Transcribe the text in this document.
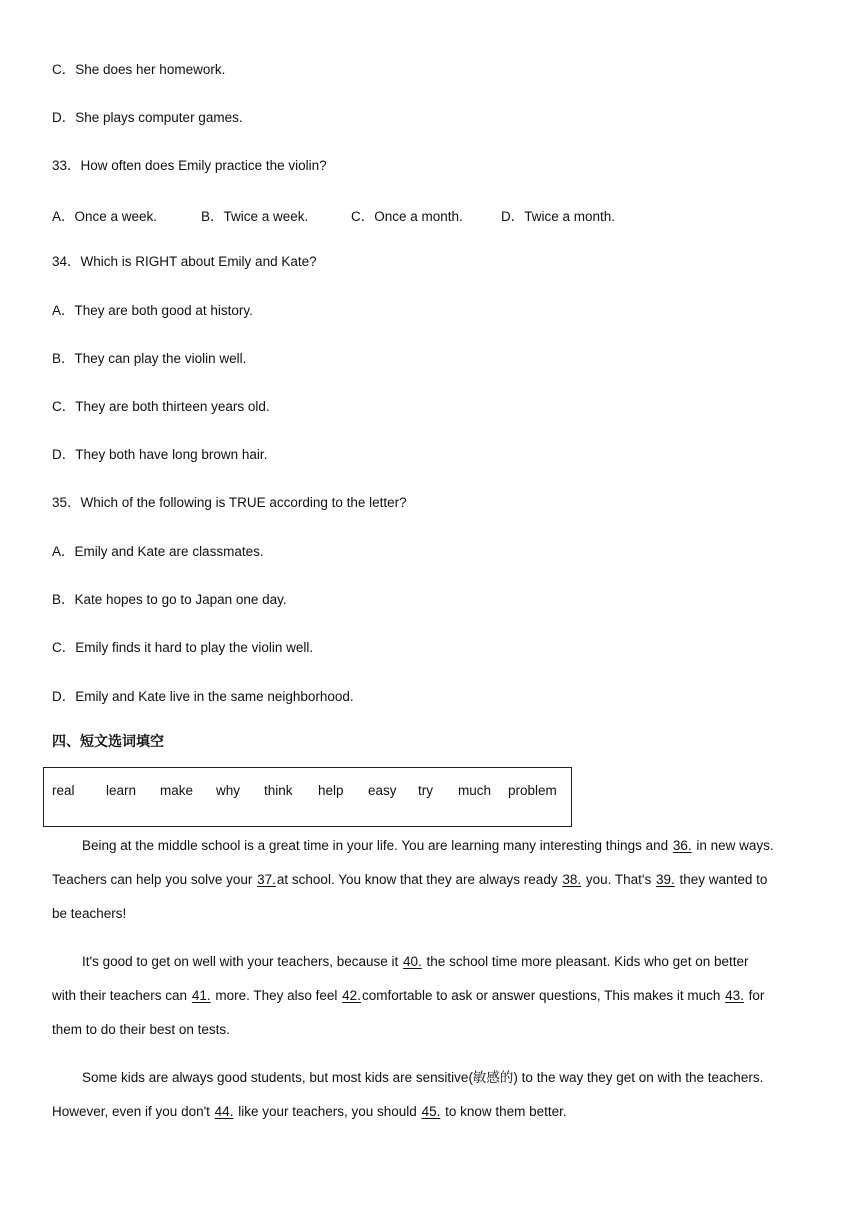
C．She does her homework.
D．She plays computer games.
33．How often does Emily practice the violin?
A．Once a week.	B．Twice a week.	C．Once a month.	D．Twice a month.
34．Which is RIGHT about Emily and Kate?
A．They are both good at history.
B．They can play the violin well.
C．They are both thirteen years old.
D．They both have long brown hair.
35．Which of the following is TRUE according to the letter?
A．Emily and Kate are classmates.
B．Kate hopes to go to Japan one day.
C．Emily finds it hard to play the violin well.
D．Emily and Kate live in the same neighborhood.
四、短文选词填空
real learn make why think help easy try much problem
Being at the middle school is a great time in your life. You are learning many interesting things and 36. in new ways.
Teachers can help you solve your 37.at school. You know that they are always ready 38. you. That's 39. they wanted to
be teachers!
It's good to get on well with your teachers, because it 40. the school time more pleasant. Kids who get on better
with their teachers can 41. more. They also feel 42.comfortable to ask or answer questions, This makes it much 43. for
them to do their best on tests.
Some kids are always good students, but most kids are sensitive(敏感的) to the way they get on with the teachers.
However, even if you don't 44. like your teachers, you should 45. to know them better.
